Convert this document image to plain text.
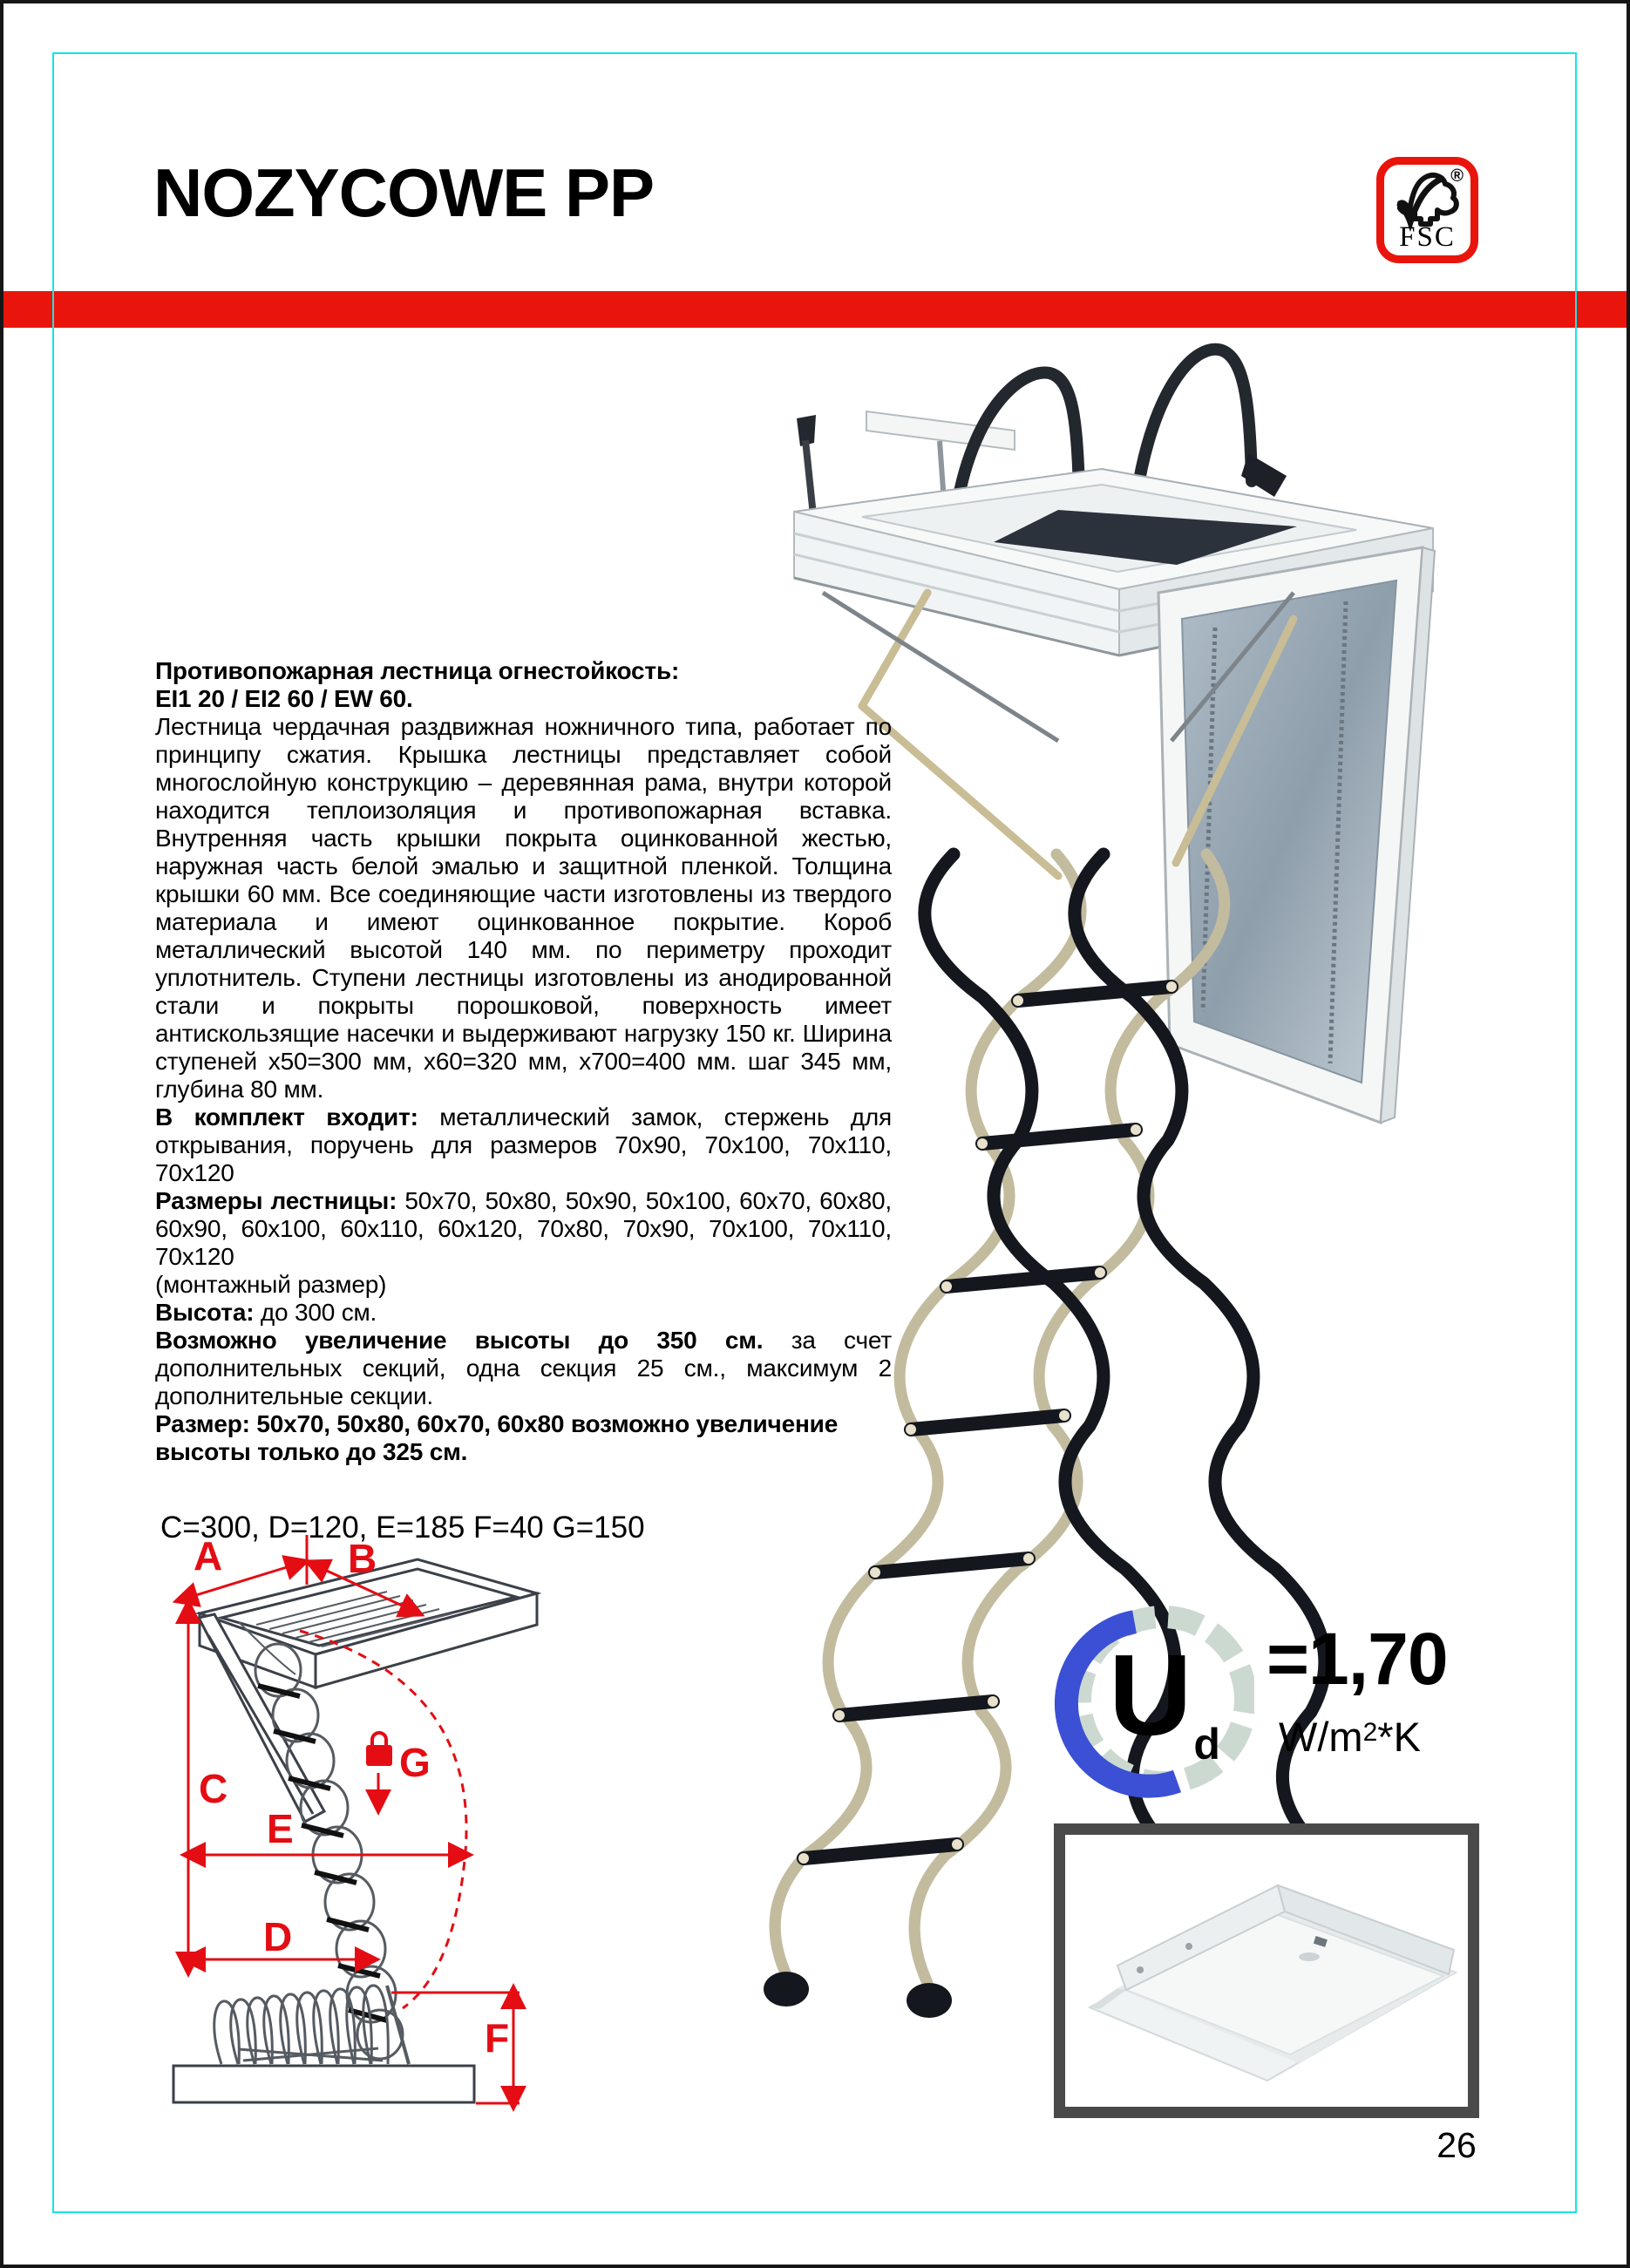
NOZYCOWE PP	®
FSC

Противопожарная лестница огнестойкость:

EI1 20 / EI2 60 / EW 60.

Лестница чердачная раздвижная ножничного типа, работает по принципу сжатия. Крышка лестницы представляет собой многослойную конструкцию – деревянная рама, внутри которой находится теплоизоляция и противопожарная вставка. Внутренняя часть крышки покрыта оцинкованной жестью, наружная часть белой эмалью и защитной пленкой. Толщина крышки 60 мм. Все соединяющие части изготовлены из твердого материала и имеют оцинкованное покрытие. Короб металлический высотой 140 мм. по периметру проходит уплотнитель. Ступени лестницы изготовлены из анодированной стали и покрыты порошковой, поверхность имеет антискользящие насечки и выдерживают нагрузку 150 кг. Ширина ступеней х50=300 мм, х60=320 мм, х700=400 мм. шаг 345 мм, глубина 80 мм.

В комплект входит: металлический замок, стержень для открывания, поручень для размеров 70х90, 70х100, 70х110, 70х120

Размеры лестницы: 50х70, 50х80, 50х90, 50х100, 60х70, 60х80, 60х90, 60х100, 60х110, 60х120, 70х80, 70х90, 70х100, 70х110, 70х120

(монтажный размер)

Высота: до 300 см.

Возможно увеличение высоты до 350 см. за счет дополнительных секций, одна секция 25 см., максимум 2 дополнительные секции.

Размер: 50х70, 50х80, 60х70, 60х80 возможно увеличение высоты только до 325 см.

C=300, D=120, E=185 F=40 G=150
A	B
C
E
D
G
F
$U_d$
=1,70
$W/m^2*K$
26
